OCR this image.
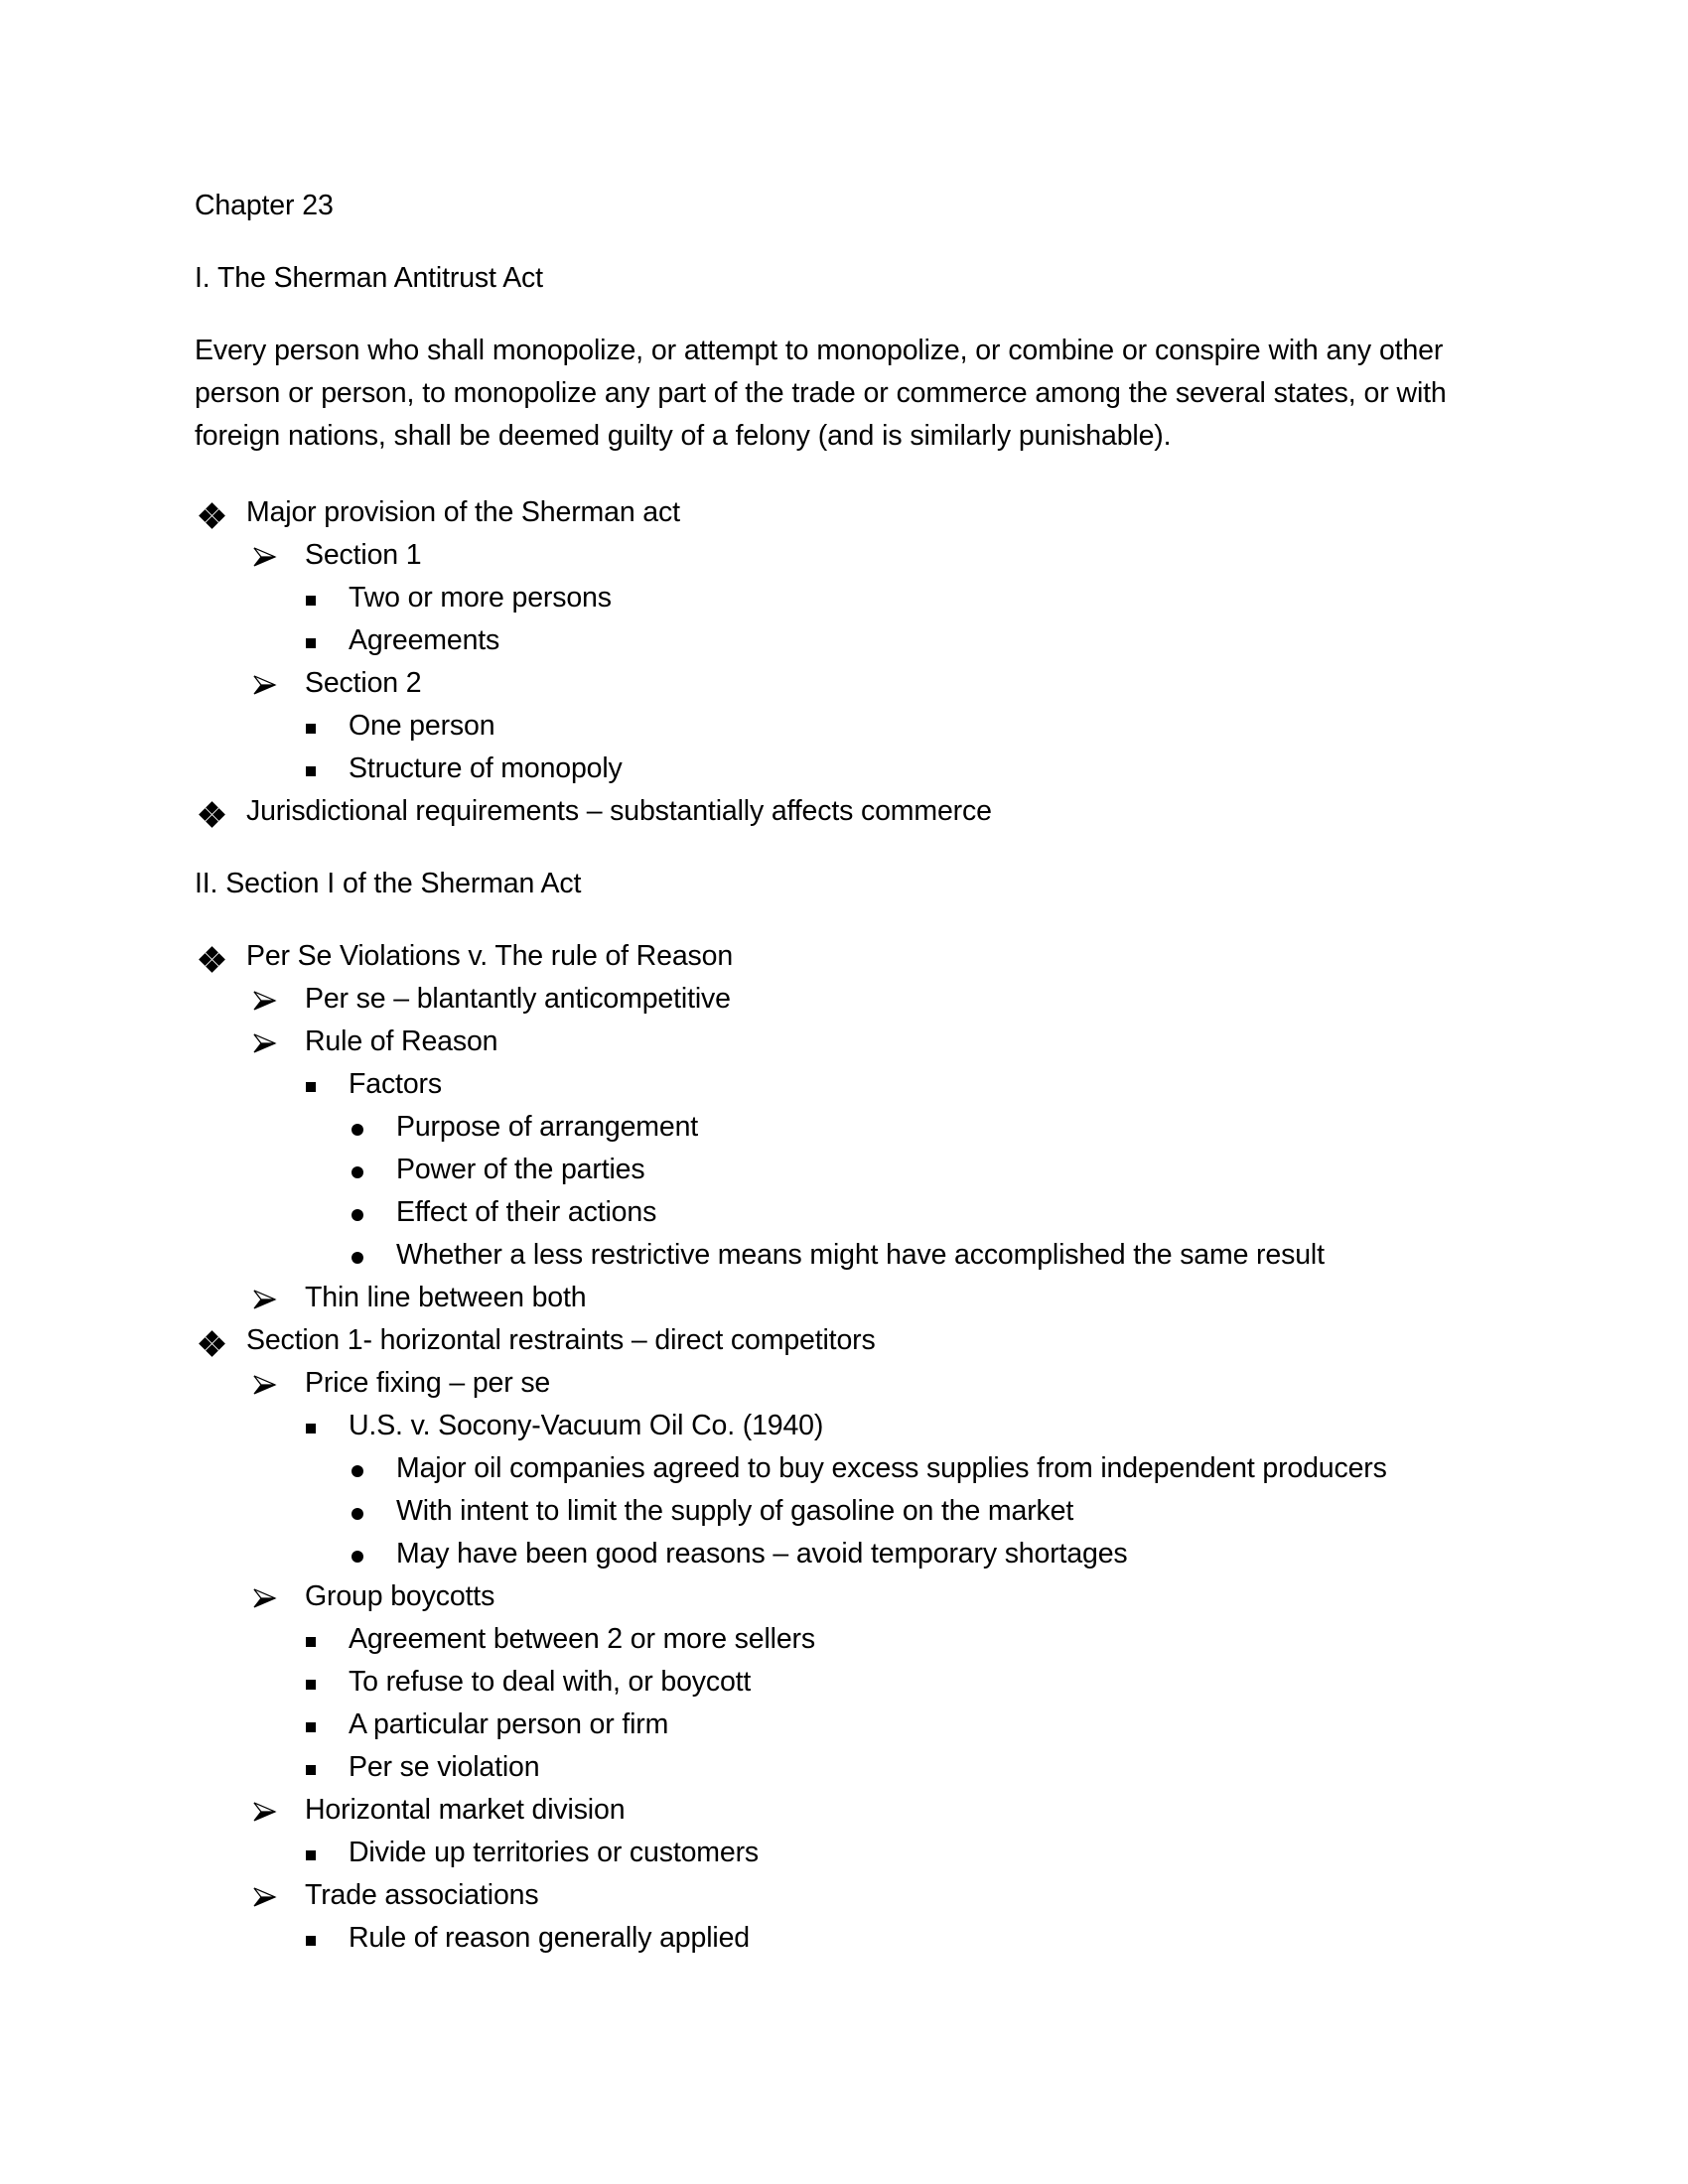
Chapter 23

I. The Sherman Antitrust Act

Every person who shall monopolize, or attempt to monopolize, or combine or conspire with any other person or person, to monopolize any part of the trade or commerce among the several states, or with foreign nations, shall be deemed guilty of a felony (and is similarly punishable).

Major provision of the Sherman act
Section 1
Two or more persons
Agreements
Section 2
One person
Structure of monopoly
Jurisdictional requirements – substantially affects commerce

II. Section I of the Sherman Act

Per Se Violations v. The rule of Reason
Per se – blantantly anticompetitive
Rule of Reason
Factors
Purpose of arrangement
Power of the parties
Effect of their actions
Whether a less restrictive means might have accomplished the same result
Thin line between both
Section 1- horizontal restraints – direct competitors
Price fixing – per se
U.S. v. Socony-Vacuum Oil Co. (1940)
Major oil companies agreed to buy excess supplies from independent producers
With intent to limit the supply of gasoline on the market
May have been good reasons – avoid temporary shortages
Group boycotts
Agreement between 2 or more sellers
To refuse to deal with, or boycott
A particular person or firm
Per se violation
Horizontal market division
Divide up territories or customers
Trade associations
Rule of reason generally applied
